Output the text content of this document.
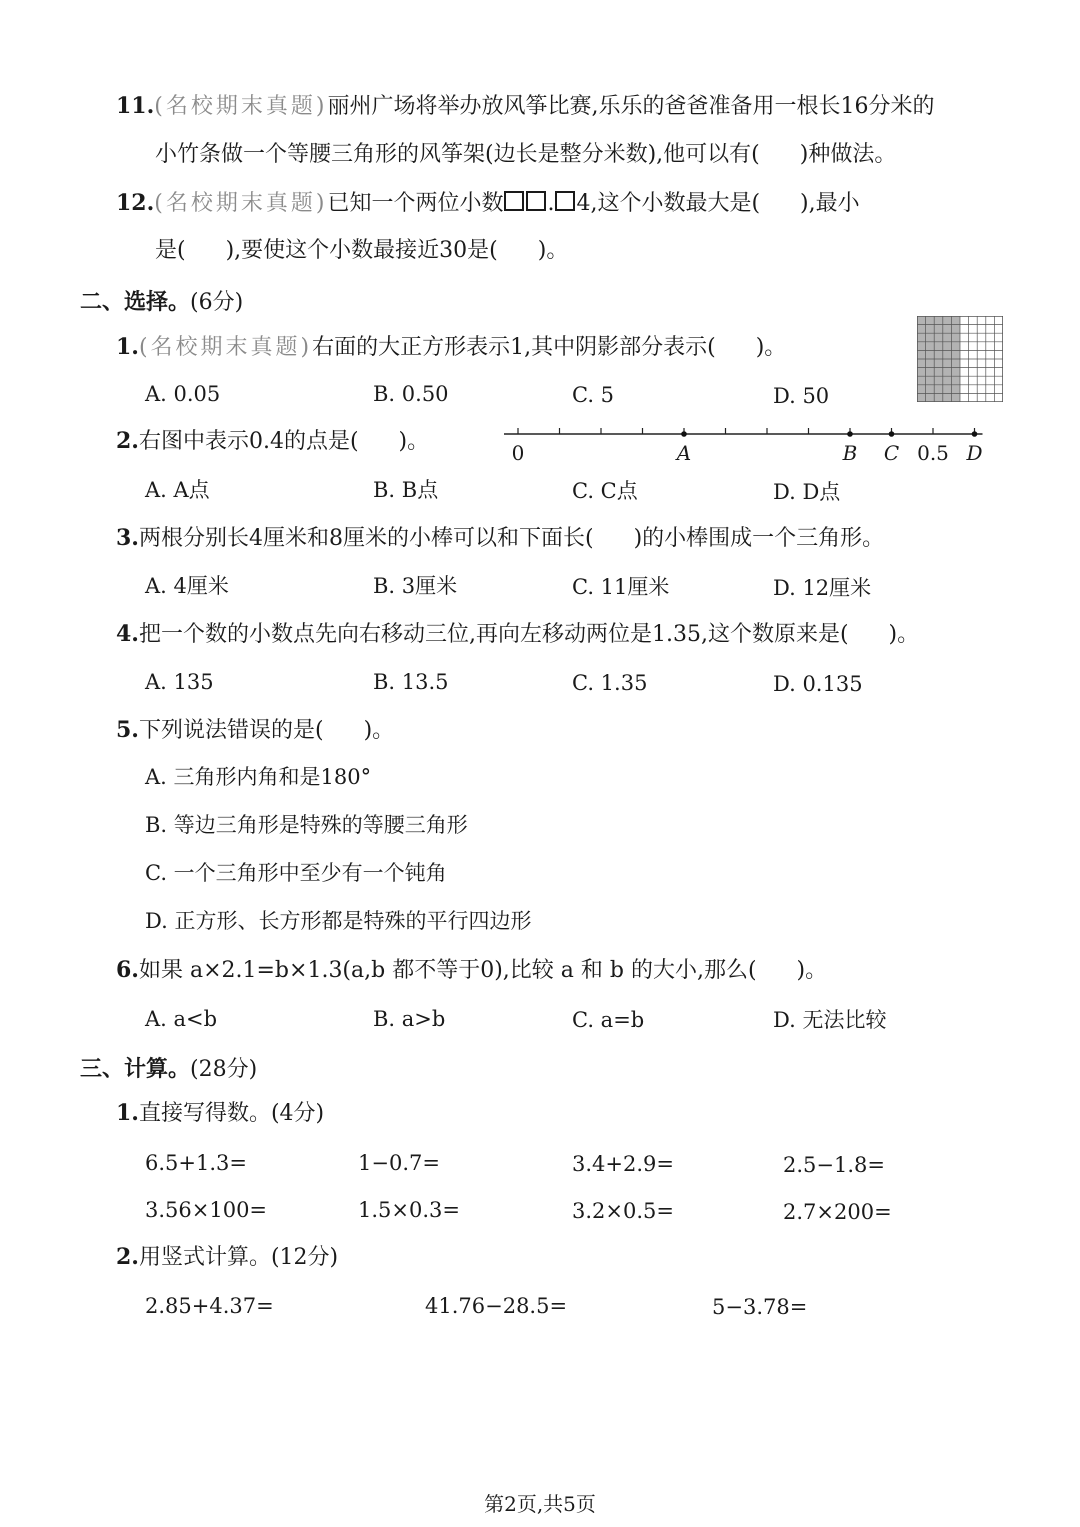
11.(名校期末真题)丽州广场将举办放风筝比赛,乐乐的爸爸准备用一根长16分米的
小竹条做一个等腰三角形的风筝架(边长是整分米数),他可以有( )种做法。
12.(名校期末真题)已知一个两位小数 . 4,这个小数最大是( ),最小
是( ),要使这个小数最接近30是( )。
二、选择。(6分)
1.(名校期末真题)右面的大正方形表示1,其中阴影部分表示( )。
A. 0.05	B. 0.50	C. 5	D. 50
2.右图中表示0.4的点是( )。	0	0.5
A	B C	D
A. A点	B. B点	C. C点	D. D点
3.两根分别长4厘米和8厘米的小棒可以和下面长( )的小棒围成一个三角形。
A. 4厘米	B. 3厘米	C. 11厘米	D. 12厘米
4.把一个数的小数点先向右移动三位,再向左移动两位是1.35,这个数原来是( )。
A. 135	B. 13.5	C. 1.35	D. 0.135
5.下列说法错误的是( )。
A. 三角形内角和是180°
B. 等边三角形是特殊的等腰三角形
C. 一个三角形中至少有一个钝角
D. 正方形、长方形都是特殊的平行四边形
6.如果 a×2.1=b×1.3(a,b 都不等于0),比较 a 和 b 的大小,那么( )。
A. a<b	B. a>b	C. a=b	D. 无法比较
三、计算。(28分)
1.直接写得数。(4分)
6.5+1.3=	1−0.7=	3.4+2.9=	2.5−1.8=
3.56×100=	1.5×0.3=	3.2×0.5=	2.7×200=
2.用竖式计算。(12分)
2.85+4.37=	41.76−28.5=	5−3.78=
第2页,共5页
